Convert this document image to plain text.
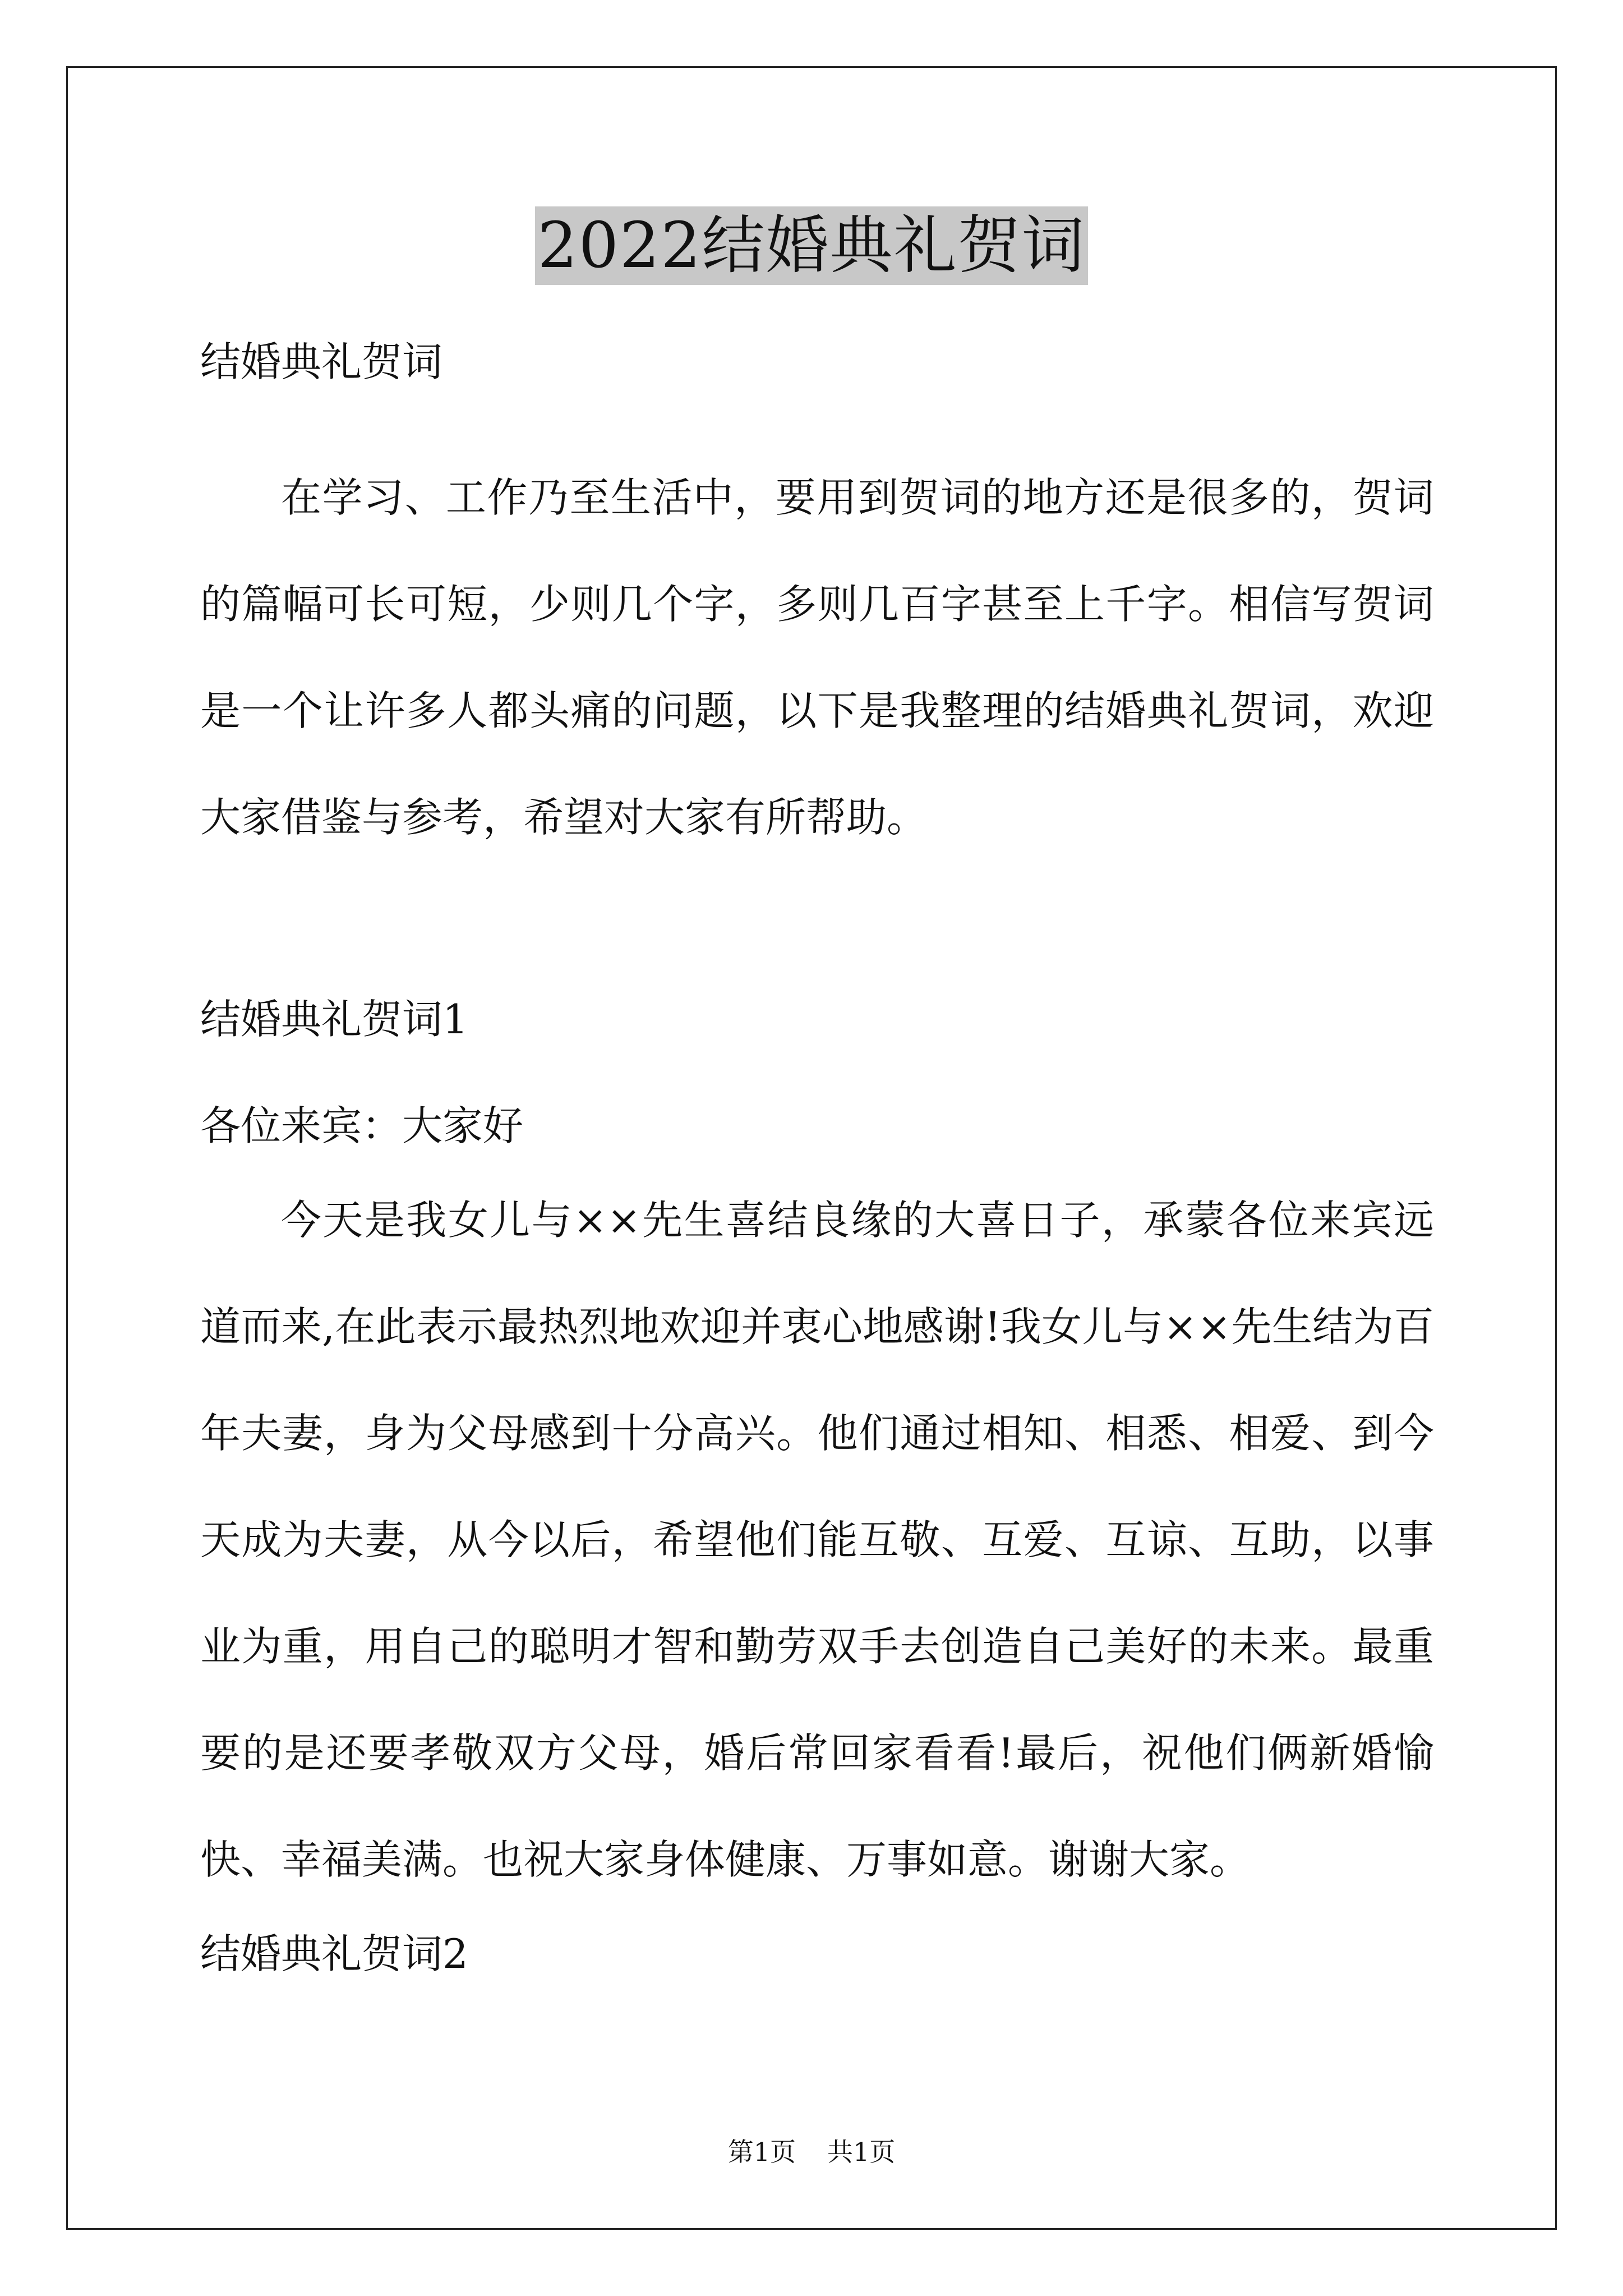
2022结婚典礼贺词

结婚典礼贺词

在学习、工作乃至生活中，要用到贺词的地方还是很多的，贺词的篇幅可长可短，少则几个字，多则几百字甚至上千字。相信写贺词是一个让许多人都头痛的问题，以下是我整理的结婚典礼贺词，欢迎大家借鉴与参考，希望对大家有所帮助。

结婚典礼贺词1

各位来宾：大家好

今天是我女儿与××先生喜结良缘的大喜日子，承蒙各位来宾远道而来,在此表示最热烈地欢迎并衷心地感谢!我女儿与××先生结为百年夫妻，身为父母感到十分高兴。他们通过相知、相悉、相爱、到今天成为夫妻，从今以后，希望他们能互敬、互爱、互谅、互助，以事业为重，用自己的聪明才智和勤劳双手去创造自己美好的未来。最重要的是还要孝敬双方父母，婚后常回家看看!最后，祝他们俩新婚愉快、幸福美满。也祝大家身体健康、万事如意。谢谢大家。

结婚典礼贺词2

第1页 共1页
